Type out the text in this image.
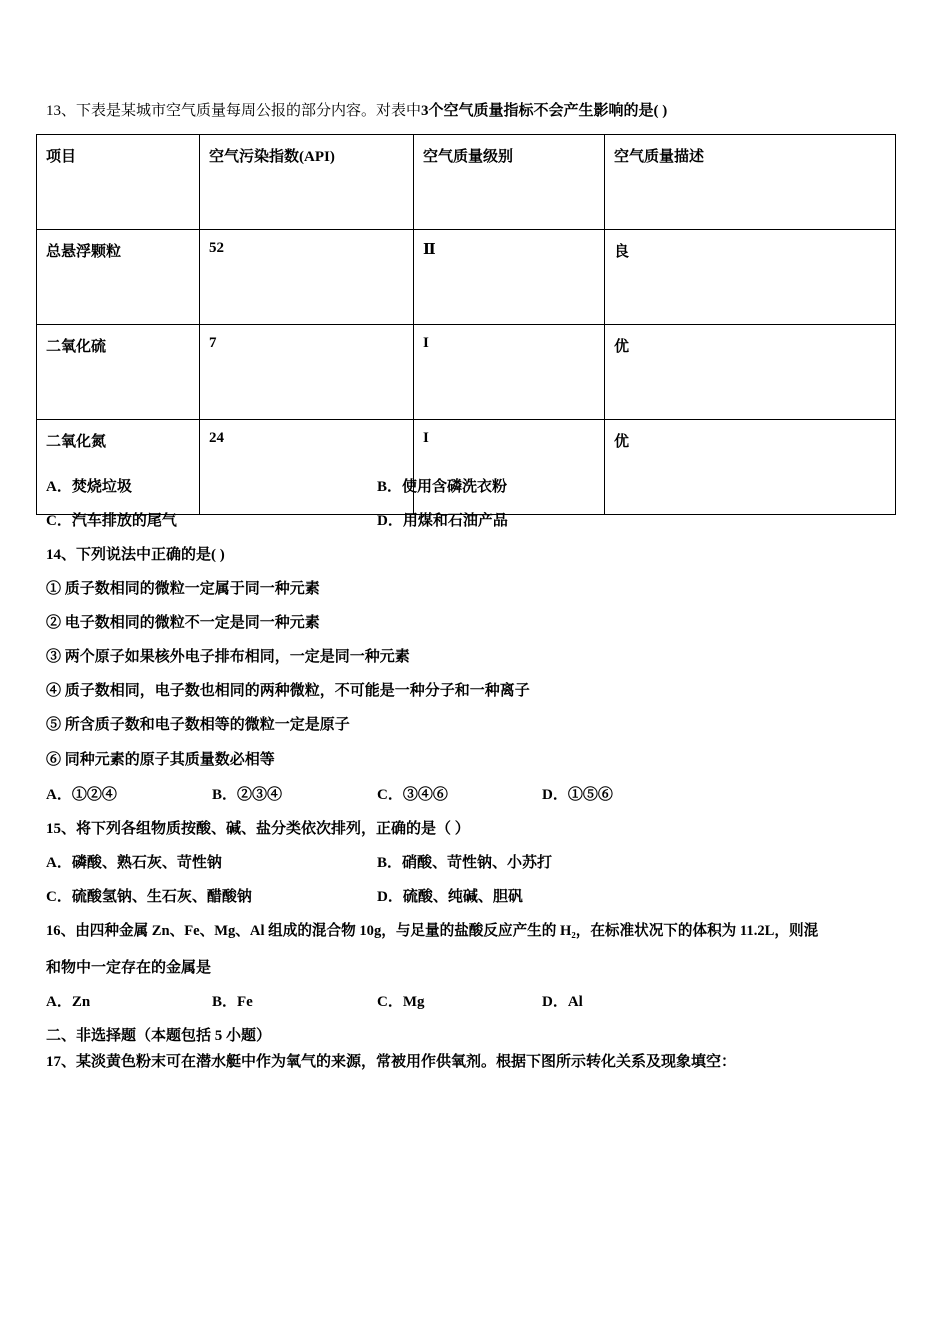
13、下表是某城市空气质量每周公报的部分内容。对表中3个空气质量指标不会产生影响的是( )
项目	空气污染指数(API)	空气质量级别	空气质量描述
总悬浮颗粒	52	Ⅱ	良
二氧化硫	7	I	优
二氧化氮	24	I	优
A．焚烧垃圾	B．使用含磷洗衣粉
C．汽车排放的尾气	D．用煤和石油产品
14、下列说法中正确的是( )
① 质子数相同的微粒一定属于同一种元素
② 电子数相同的微粒不一定是同一种元素
③ 两个原子如果核外电子排布相同，一定是同一种元素
④ 质子数相同，电子数也相同的两种微粒，不可能是一种分子和一种离子
⑤ 所含质子数和电子数相等的微粒一定是原子
⑥ 同种元素的原子其质量数必相等
A．①②④	B．②③④	C．③④⑥	D．①⑤⑥
15、将下列各组物质按酸、碱、盐分类依次排列，正确的是（ ）
A．磷酸、熟石灰、苛性钠	B．硝酸、苛性钠、小苏打
C．硫酸氢钠、生石灰、醋酸钠	D．硫酸、纯碱、胆矾
16、由四种金属 Zn、Fe、Mg、Al 组成的混合物 10g，与足量的盐酸反应产生的 H₂，在标准状况下的体积为 11.2L，则混
和物中一定存在的金属是
A．Zn	B．Fe	C．Mg	D．Al
二、非选择题（本题包括 5 小题）
17、某淡黄色粉末可在潜水艇中作为氧气的来源，常被用作供氧剂。根据下图所示转化关系及现象填空：
